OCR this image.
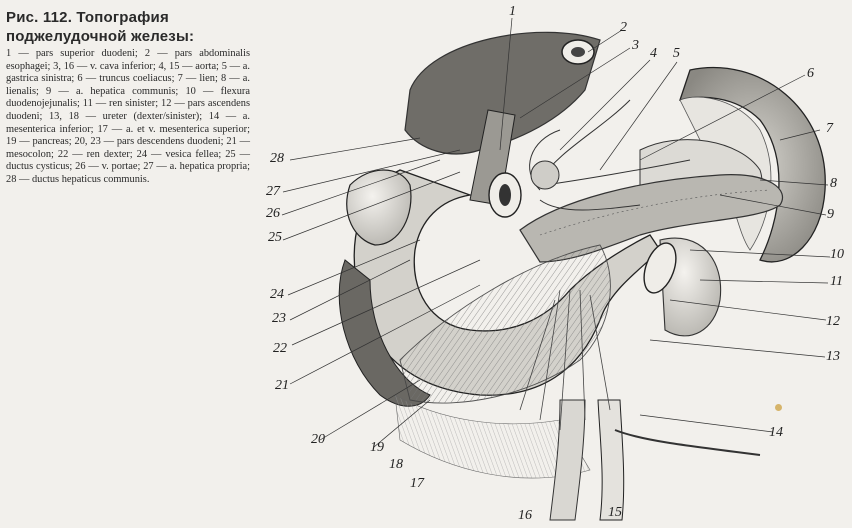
Рис. 112. Топография поджелудочной железы:
1 — pars superior duodeni; 2 — pars abdominalis esophagei; 3, 16 — v. cava inferior; 4, 15 — aorta; 5 — a. gastrica sinistra; 6 — truncus coeliacus; 7 — lien; 8 — a. lienalis; 9 — a. hepatica communis; 10 — flexura duodenojejunalis; 11 — ren sinister; 12 — pars ascendens duodeni; 13, 18 — ureter (dexter/sinister); 14 — a. mesenterica inferior; 17 — a. et v. mesenterica superior; 19 — pancreas; 20, 23 — pars descendens duodeni; 21 — mesocolon; 22 — ren dexter; 24 — vesica fellea; 25 — ductus cysticus; 26 — v. portae; 27 — a. hepatica propria; 28 — ductus hepaticus communis.
1
2
3
4 5
6
7
8
9
10
11
12
13
14
15
16
17
18
19
20
21
22
23
24
25
26
27
28
